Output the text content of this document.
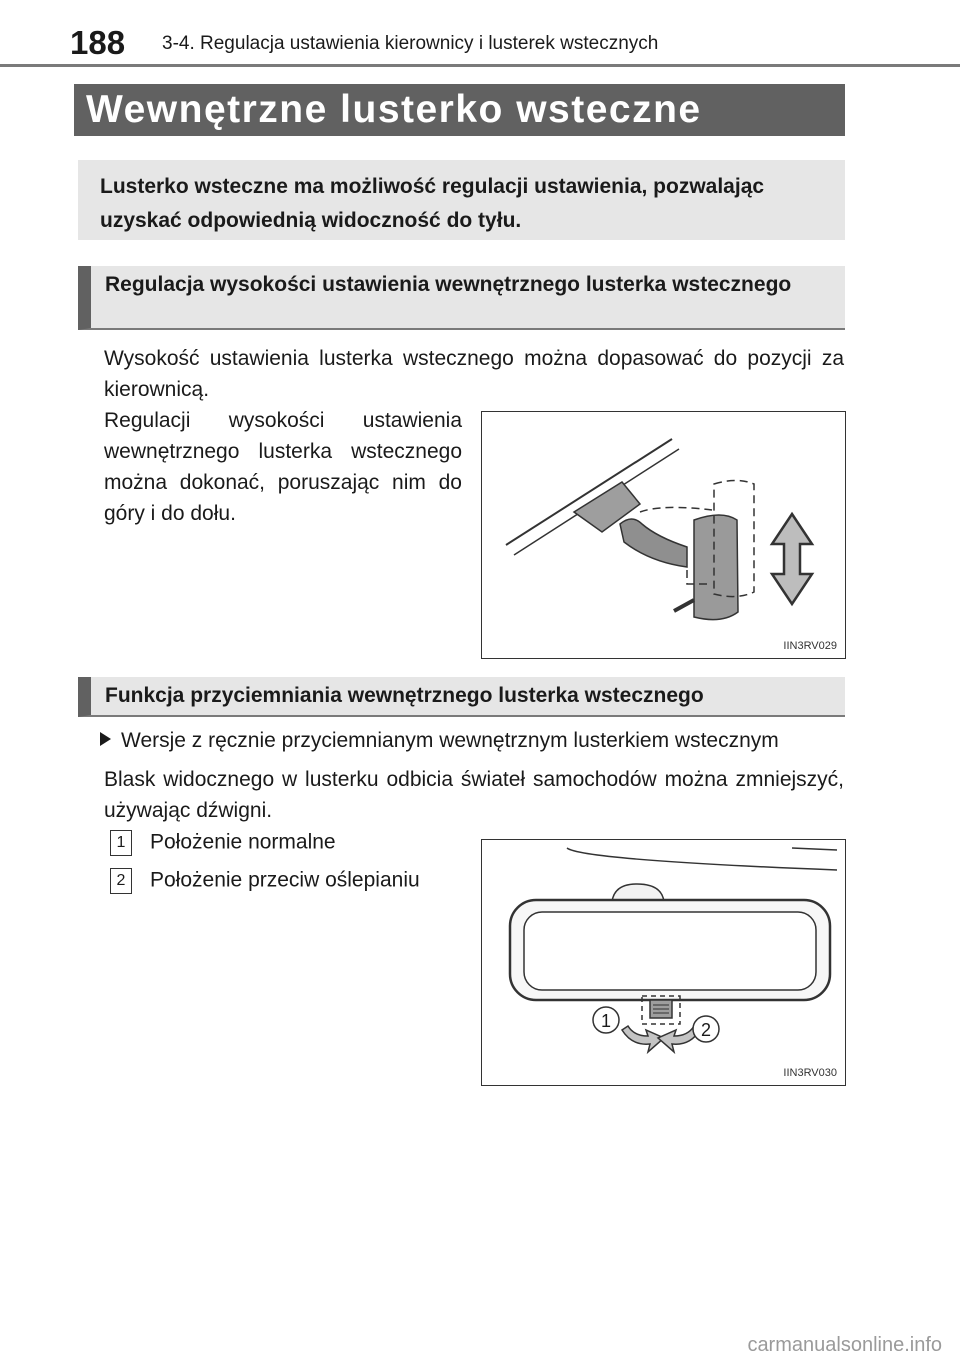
188 3-4. Regulacja ustawienia kierownicy i lusterek wstecznych
Wewnętrzne lusterko wsteczne
Lusterko wsteczne ma możliwość regulacji ustawienia, pozwalając uzyskać odpowiednią widoczność do tyłu.
Regulacja wysokości ustawienia wewnętrznego lusterka wstecznego
Wysokość ustawienia lusterka wstecznego można dopasować do pozycji za kierownicą.
Regulacji wysokości ustawienia wewnętrznego lusterka wstecznego można dokonać, poruszając nim do góry i do dołu.
IIN3RV029
Funkcja przyciemniania wewnętrznego lusterka wstecznego
Wersje z ręcznie przyciemnianym wewnętrznym lusterkiem wstecznym
Blask widocznego w lusterku odbicia świateł samochodów można zmniejszyć, używając dźwigni.
1 Położenie normalne
2 Położenie przeciw oślepianiu
1	2
IIN3RV030
carmanualsonline.info
